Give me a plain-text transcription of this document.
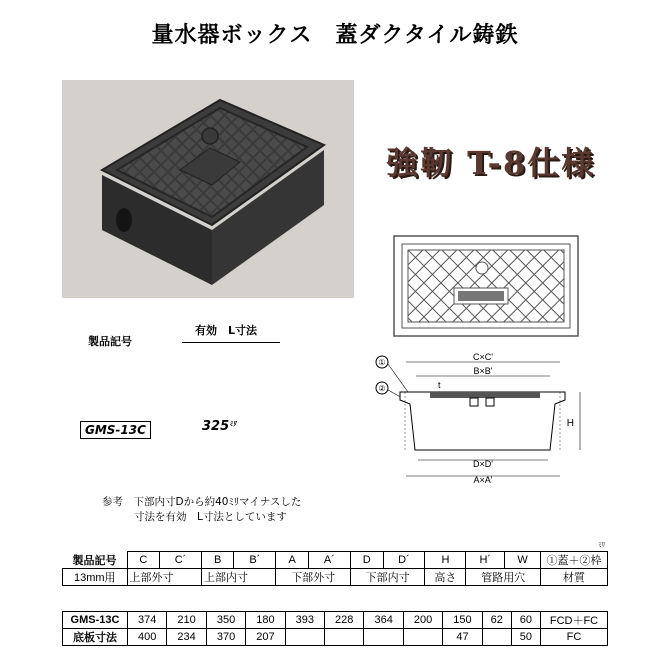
量水器ボックス　蓋ダクタイル鋳鉄
強靭 T-8仕様
①
②
C×C'
B×B'
t
D×D'
A×A'
H
製品記号
有効　L寸法
GMS-13C	$325^{ﾐﾘ}$
参考　下部内寸Dから約40ﾐﾘマイナスした
寸法を有効　L寸法としています
ﾐﾘ
製品記号	C	C´	B	B´	A	A´	D	D´	H	H´	W	①蓋＋②枠
13mm用	上部外寸		上部内寸		下部外寸		下部内寸		高さ	管路用穴		材質
GMS-13C	374	210	350	180	393	228	364	200	150	62	60	FCD＋FC
底板寸法	400	234	370	207					47		50	FC
